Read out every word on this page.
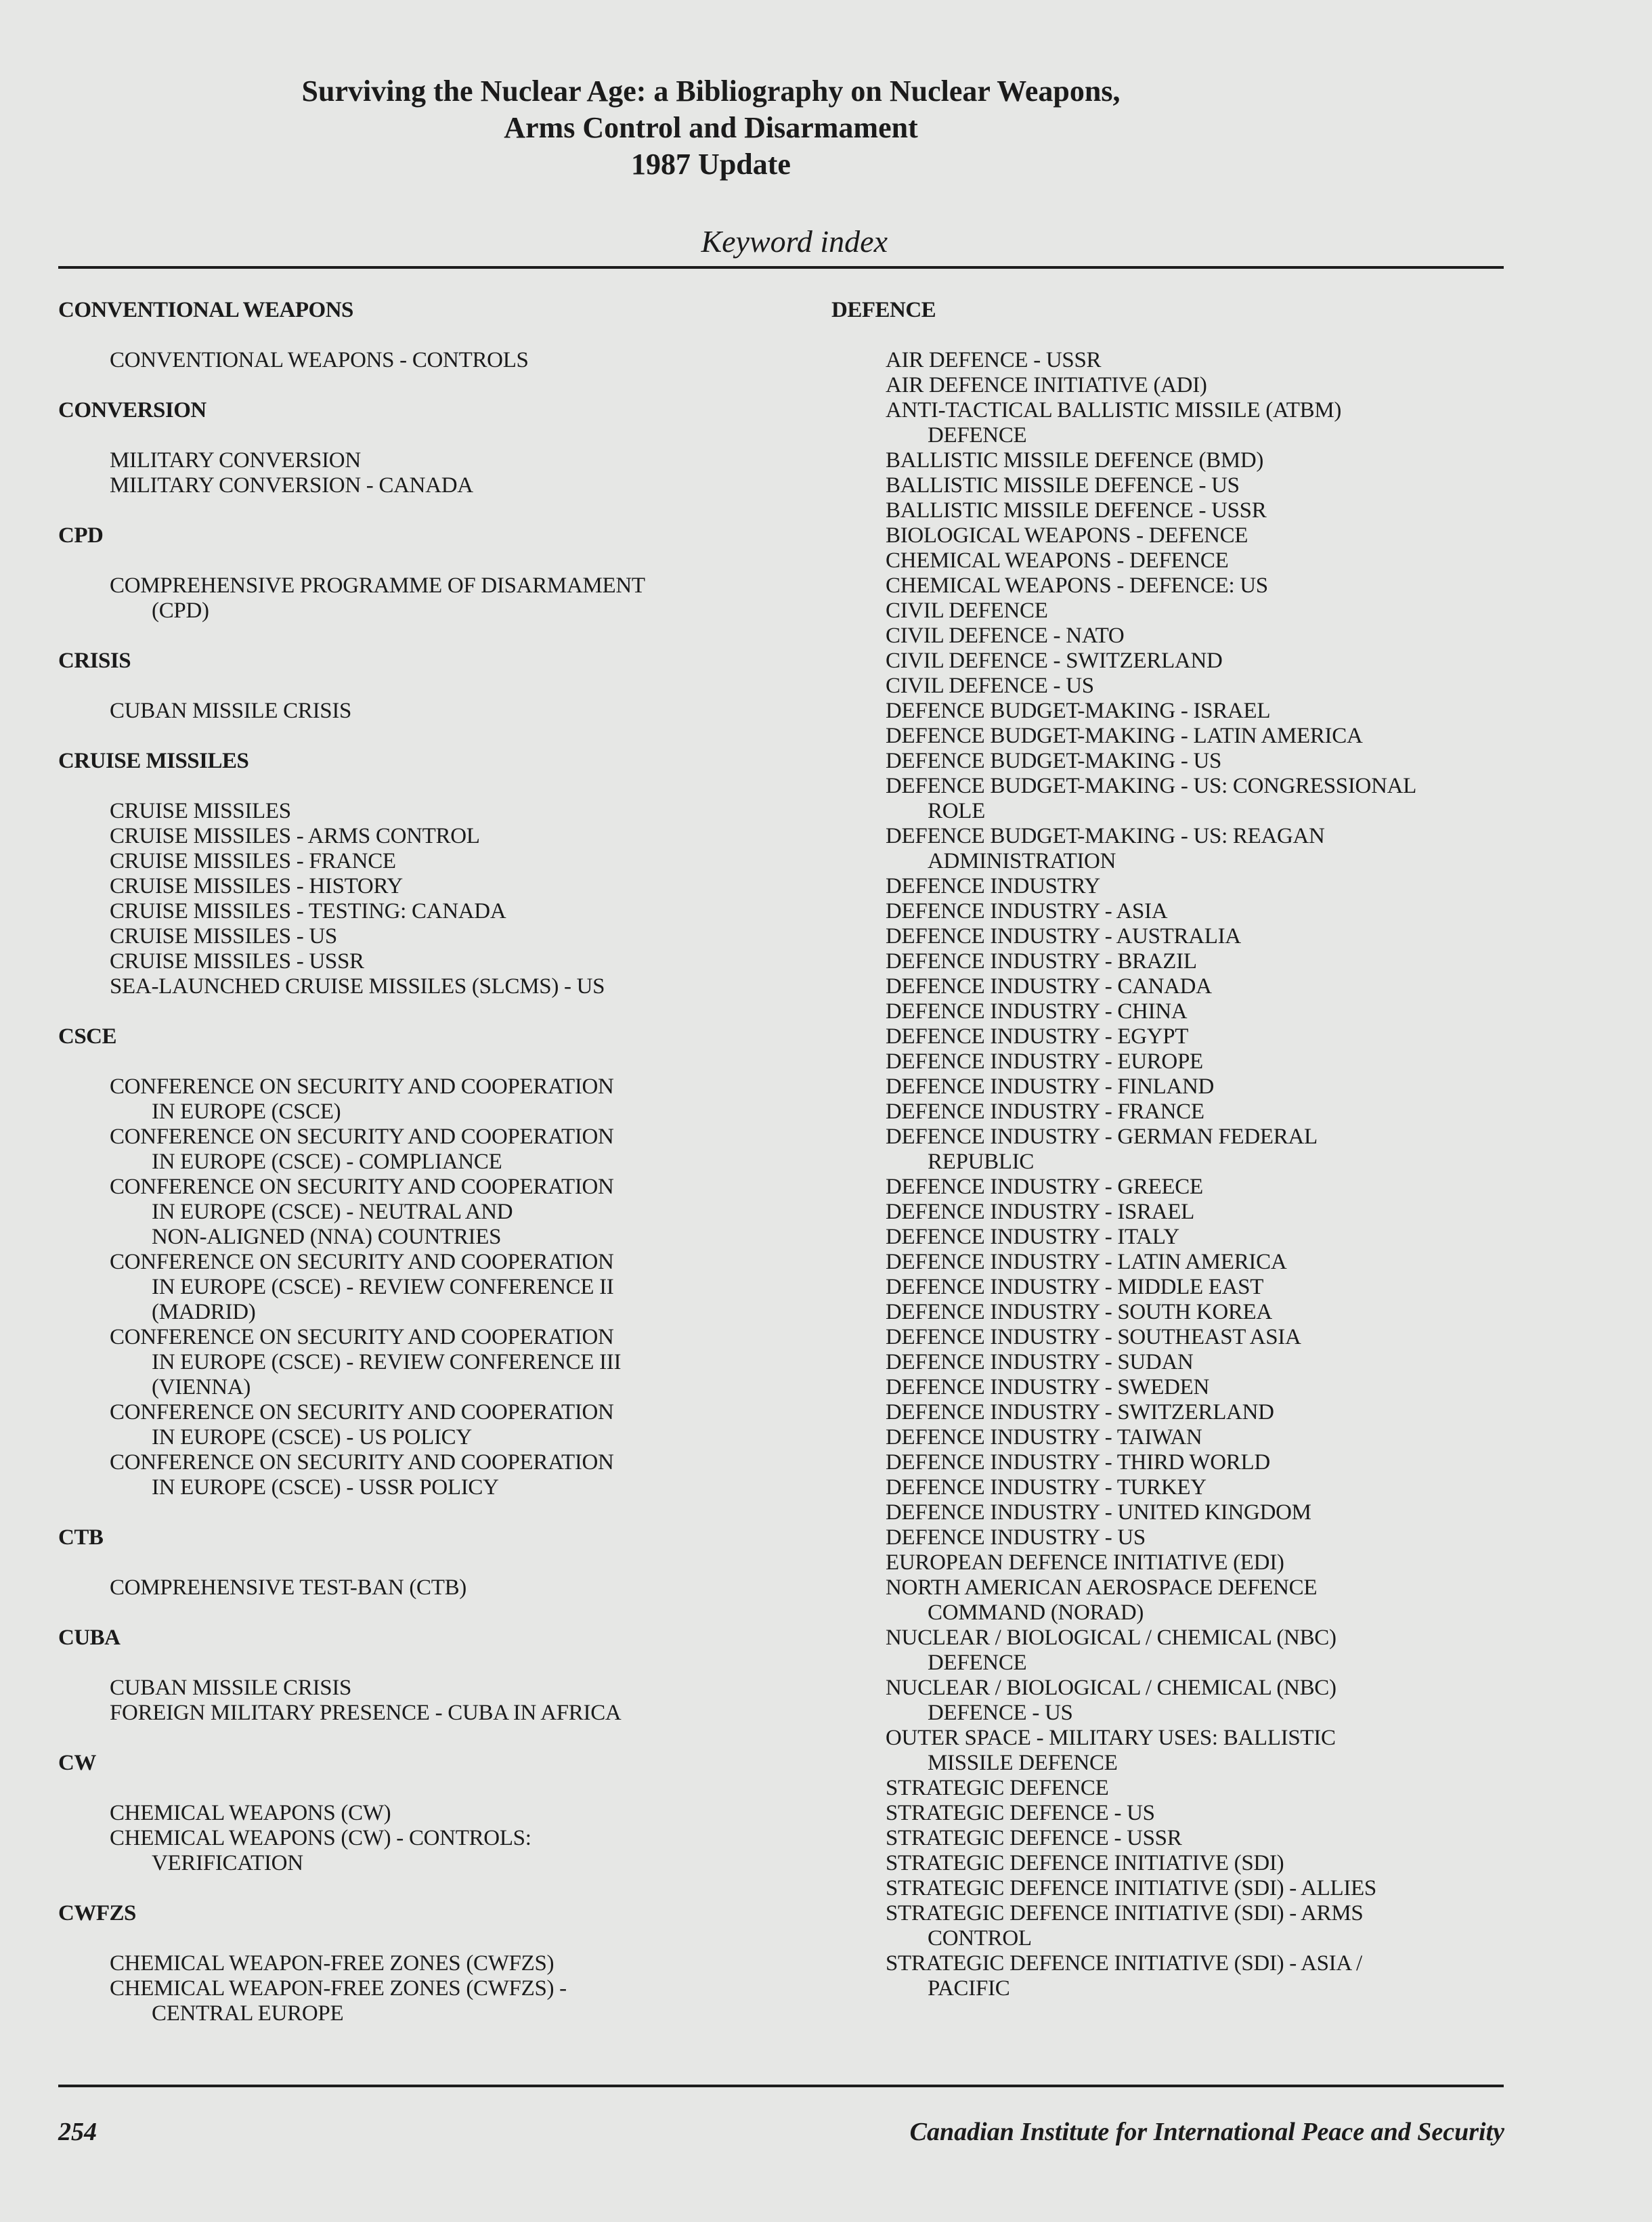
Surviving the Nuclear Age: a Bibliography on Nuclear Weapons,
Arms Control and Disarmament
1987 Update
Keyword index
CONVENTIONAL WEAPONS
CONVENTIONAL WEAPONS - CONTROLS
CONVERSION
MILITARY CONVERSION
MILITARY CONVERSION - CANADA
CPD
COMPREHENSIVE PROGRAMME OF DISARMAMENT
(CPD)
CRISIS
CUBAN MISSILE CRISIS
CRUISE MISSILES
CRUISE MISSILES
CRUISE MISSILES - ARMS CONTROL
CRUISE MISSILES - FRANCE
CRUISE MISSILES - HISTORY
CRUISE MISSILES - TESTING: CANADA
CRUISE MISSILES - US
CRUISE MISSILES - USSR
SEA-LAUNCHED CRUISE MISSILES (SLCMS) - US
CSCE
CONFERENCE ON SECURITY AND COOPERATION
IN EUROPE (CSCE)
CONFERENCE ON SECURITY AND COOPERATION
IN EUROPE (CSCE) - COMPLIANCE
CONFERENCE ON SECURITY AND COOPERATION
IN EUROPE (CSCE) - NEUTRAL AND
NON-ALIGNED (NNA) COUNTRIES
CONFERENCE ON SECURITY AND COOPERATION
IN EUROPE (CSCE) - REVIEW CONFERENCE II
(MADRID)
CONFERENCE ON SECURITY AND COOPERATION
IN EUROPE (CSCE) - REVIEW CONFERENCE III
(VIENNA)
CONFERENCE ON SECURITY AND COOPERATION
IN EUROPE (CSCE) - US POLICY
CONFERENCE ON SECURITY AND COOPERATION
IN EUROPE (CSCE) - USSR POLICY
CTB
COMPREHENSIVE TEST-BAN (CTB)
CUBA
CUBAN MISSILE CRISIS
FOREIGN MILITARY PRESENCE - CUBA IN AFRICA
CW
CHEMICAL WEAPONS (CW)
CHEMICAL WEAPONS (CW) - CONTROLS:
VERIFICATION
CWFZS
CHEMICAL WEAPON-FREE ZONES (CWFZS)
CHEMICAL WEAPON-FREE ZONES (CWFZS) -
CENTRAL EUROPE
DEFENCE
AIR DEFENCE - USSR
AIR DEFENCE INITIATIVE (ADI)
ANTI-TACTICAL BALLISTIC MISSILE (ATBM)
DEFENCE
BALLISTIC MISSILE DEFENCE (BMD)
BALLISTIC MISSILE DEFENCE - US
BALLISTIC MISSILE DEFENCE - USSR
BIOLOGICAL WEAPONS - DEFENCE
CHEMICAL WEAPONS - DEFENCE
CHEMICAL WEAPONS - DEFENCE: US
CIVIL DEFENCE
CIVIL DEFENCE - NATO
CIVIL DEFENCE - SWITZERLAND
CIVIL DEFENCE - US
DEFENCE BUDGET-MAKING - ISRAEL
DEFENCE BUDGET-MAKING - LATIN AMERICA
DEFENCE BUDGET-MAKING - US
DEFENCE BUDGET-MAKING - US: CONGRESSIONAL
ROLE
DEFENCE BUDGET-MAKING - US: REAGAN
ADMINISTRATION
DEFENCE INDUSTRY
DEFENCE INDUSTRY - ASIA
DEFENCE INDUSTRY - AUSTRALIA
DEFENCE INDUSTRY - BRAZIL
DEFENCE INDUSTRY - CANADA
DEFENCE INDUSTRY - CHINA
DEFENCE INDUSTRY - EGYPT
DEFENCE INDUSTRY - EUROPE
DEFENCE INDUSTRY - FINLAND
DEFENCE INDUSTRY - FRANCE
DEFENCE INDUSTRY - GERMAN FEDERAL
REPUBLIC
DEFENCE INDUSTRY - GREECE
DEFENCE INDUSTRY - ISRAEL
DEFENCE INDUSTRY - ITALY
DEFENCE INDUSTRY - LATIN AMERICA
DEFENCE INDUSTRY - MIDDLE EAST
DEFENCE INDUSTRY - SOUTH KOREA
DEFENCE INDUSTRY - SOUTHEAST ASIA
DEFENCE INDUSTRY - SUDAN
DEFENCE INDUSTRY - SWEDEN
DEFENCE INDUSTRY - SWITZERLAND
DEFENCE INDUSTRY - TAIWAN
DEFENCE INDUSTRY - THIRD WORLD
DEFENCE INDUSTRY - TURKEY
DEFENCE INDUSTRY - UNITED KINGDOM
DEFENCE INDUSTRY - US
EUROPEAN DEFENCE INITIATIVE (EDI)
NORTH AMERICAN AEROSPACE DEFENCE
COMMAND (NORAD)
NUCLEAR / BIOLOGICAL / CHEMICAL (NBC)
DEFENCE
NUCLEAR / BIOLOGICAL / CHEMICAL (NBC)
DEFENCE - US
OUTER SPACE - MILITARY USES: BALLISTIC
MISSILE DEFENCE
STRATEGIC DEFENCE
STRATEGIC DEFENCE - US
STRATEGIC DEFENCE - USSR
STRATEGIC DEFENCE INITIATIVE (SDI)
STRATEGIC DEFENCE INITIATIVE (SDI) - ALLIES
STRATEGIC DEFENCE INITIATIVE (SDI) - ARMS
CONTROL
STRATEGIC DEFENCE INITIATIVE (SDI) - ASIA /
PACIFIC
254	Canadian Institute for International Peace and Security
